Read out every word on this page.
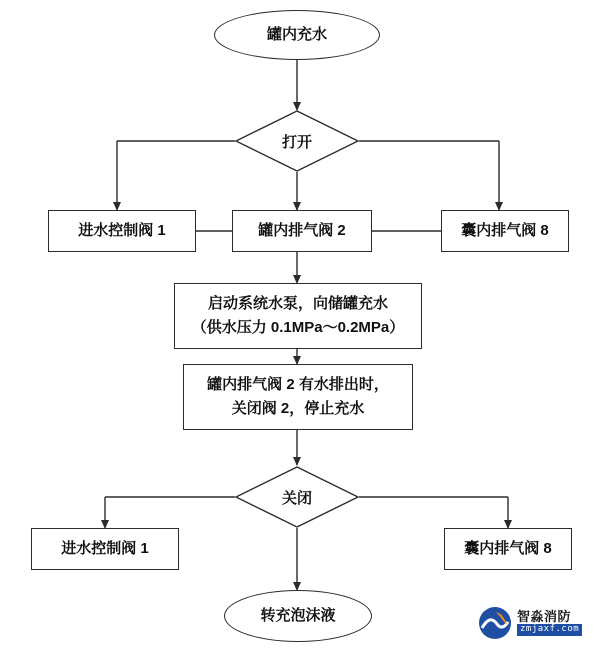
罐内充水
打开
进水控制阀 1	罐内排气阀 2	囊内排气阀 8
启动系统水泵，向储罐充水
（供水压力 0.1MPa～0.2MPa）
罐内排气阀 2 有水排出时，
关闭阀 2，停止充水
关闭
进水控制阀 1	囊内排气阀 8
转充泡沫液	智淼消防
zmjaxf.com
